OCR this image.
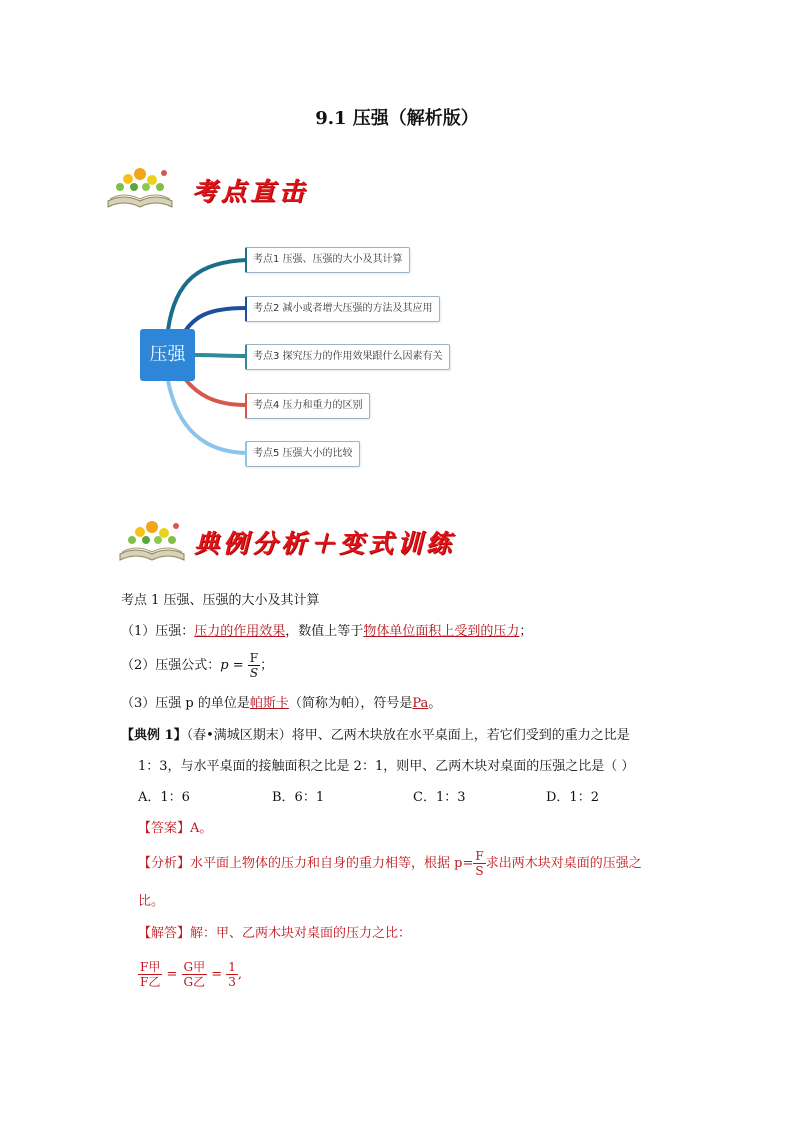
9.1 压强（解析版）
考点直击
压强
考点1 压强、压强的大小及其计算
考点2 减小或者增大压强的方法及其应用
考点3 探究压力的作用效果跟什么因素有关
考点4 压力和重力的区别
考点5 压强大小的比较
典例分析＋变式训练
考点 1 压强、压强的大小及其计算
（1）压强：压力的作用效果，数值上等于物体单位面积上受到的压力；
（2）压强公式：$p = \frac{F}{S}$ ；
（3）压强 p 的单位是帕斯卡（简称为帕），符号是Pa。
【典例 1】（春•满城区期末）将甲、乙两木块放在水平桌面上，若它们受到的重力之比是
1：3，与水平桌面的接触面积之比是 2：1，则甲、乙两木块对桌面的压强之比是（ ）
A．1：6	B．6：1	C．1：3	D．1：2
【答案】A。
【分析】水平面上物体的压力和自身的重力相等，根据 $p= \frac{F}{S}$ 求出两木块对桌面的压强之
比。
【解答】解：甲、乙两木块对桌面的压力之比：
$\frac{\text{F甲}}{\text{F乙}} = \frac{\text{G甲}}{\text{G乙}} = \frac{1}{3}$ ,
